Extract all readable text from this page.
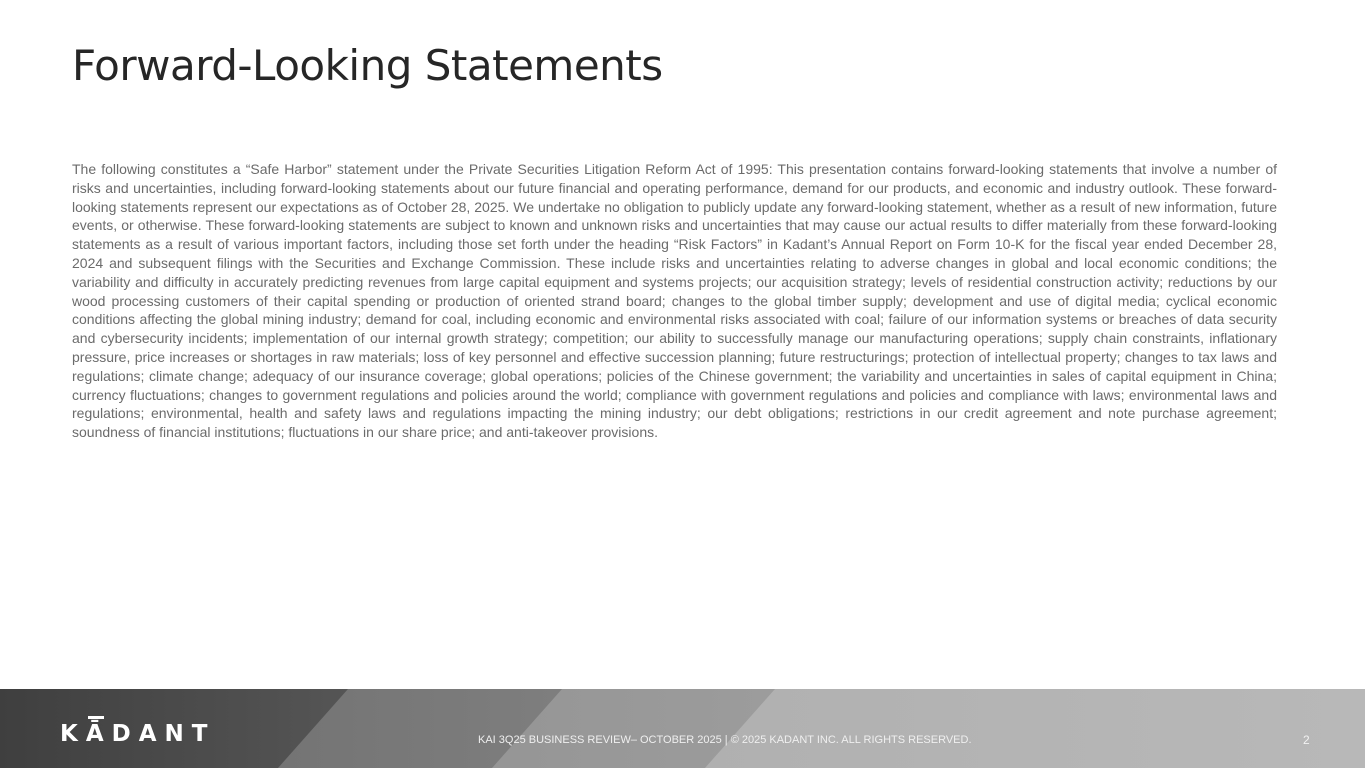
Forward-Looking Statements

The following constitutes a “Safe Harbor” statement under the Private Securities Litigation Reform Act of 1995: This presentation contains forward-looking statements that involve a number of risks and uncertainties, including forward-looking statements about our future financial and operating performance, demand for our products, and economic and industry outlook. These forward-looking statements represent our expectations as of October 28, 2025. We undertake no obligation to publicly update any forward-looking statement, whether as a result of new information, future events, or otherwise. These forward-looking statements are subject to known and unknown risks and uncertainties that may cause our actual results to differ materially from these forward-looking statements as a result of various important factors, including those set forth under the heading “Risk Factors” in Kadant’s Annual Report on Form 10-K for the fiscal year ended December 28, 2024 and subsequent filings with the Securities and Exchange Commission. These include risks and uncertainties relating to adverse changes in global and local economic conditions; the variability and difficulty in accurately predicting revenues from large capital equipment and systems projects; our acquisition strategy; levels of residential construction activity; reductions by our wood processing customers of their capital spending or production of oriented strand board; changes to the global timber supply; development and use of digital media; cyclical economic conditions affecting the global mining industry; demand for coal, including economic and environmental risks associated with coal; failure of our information systems or breaches of data security and cybersecurity incidents; implementation of our internal growth strategy; competition; our ability to successfully manage our manufacturing operations; supply chain constraints, inflationary pressure, price increases or shortages in raw materials; loss of key personnel and effective succession planning; future restructurings; protection of intellectual property; changes to tax laws and regulations; climate change; adequacy of our insurance coverage; global operations; policies of the Chinese government; the variability and uncertainties in sales of capital equipment in China; currency fluctuations; changes to government regulations and policies around the world; compliance with government regulations and policies and compliance with laws; environmental laws and regulations; environmental, health and safety laws and regulations impacting the mining industry; our debt obligations; restrictions in our credit agreement and note purchase agreement; soundness of financial institutions; fluctuations in our share price; and anti-takeover provisions.

KĀDANT	KAI 3Q25 BUSINESS REVIEW– OCTOBER 2025 | © 2025 KADANT INC. ALL RIGHTS RESERVED.	2
